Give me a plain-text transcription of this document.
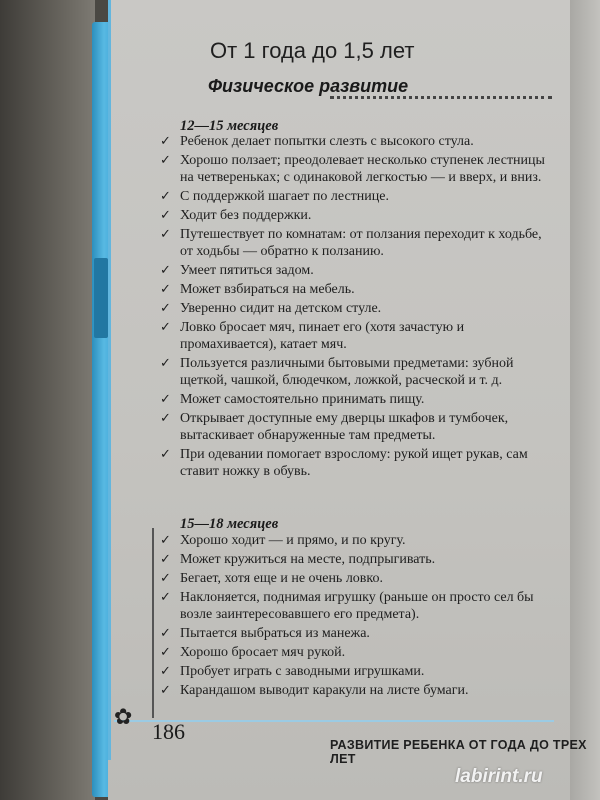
От 1 года до 1,5 лет
Физическое развитие
12—15 месяцев
✓ Ребенок делает попытки слезть с высокого стула.
✓ Хорошо ползает; преодолевает несколько ступенек лестницы на четвереньках; с одинаковой легкостью — и вверх, и вниз.
✓ С поддержкой шагает по лестнице.
✓ Ходит без поддержки.
✓ Путешествует по комнатам: от ползания переходит к ходьбе, от ходьбы — обратно к ползанию.
✓ Умеет пятиться задом.
✓ Может взбираться на мебель.
✓ Уверенно сидит на детском стуле.
✓ Ловко бросает мяч, пинает его (хотя зачастую и промахивается), катает мяч.
✓ Пользуется различными бытовыми предметами: зубной щеткой, чашкой, блюдечком, ложкой, расческой и т. д.
✓ Может самостоятельно принимать пищу.
✓ Открывает доступные ему дверцы шкафов и тумбочек, вытаскивает обнаруженные там предметы.
✓ При одевании помогает взрослому: рукой ищет рукав, сам ставит ножку в обувь.
15—18 месяцев
✓ Хорошо ходит — и прямо, и по кругу.
✓ Может кружиться на месте, подпрыгивать.
✓ Бегает, хотя еще и не очень ловко.
✓ Наклоняется, поднимая игрушку (раньше он просто сел бы возле заинтересовавшего его предмета).
✓ Пытается выбраться из манежа.
✓ Хорошо бросает мяч рукой.
✓ Пробует играть с заводными игрушками.
✓ Карандашом выводит каракули на листе бумаги.
✿
186
РАЗВИТИЕ РЕБЕНКА ОТ ГОДА ДО ТРЕХ ЛЕТ
labirint.ru
